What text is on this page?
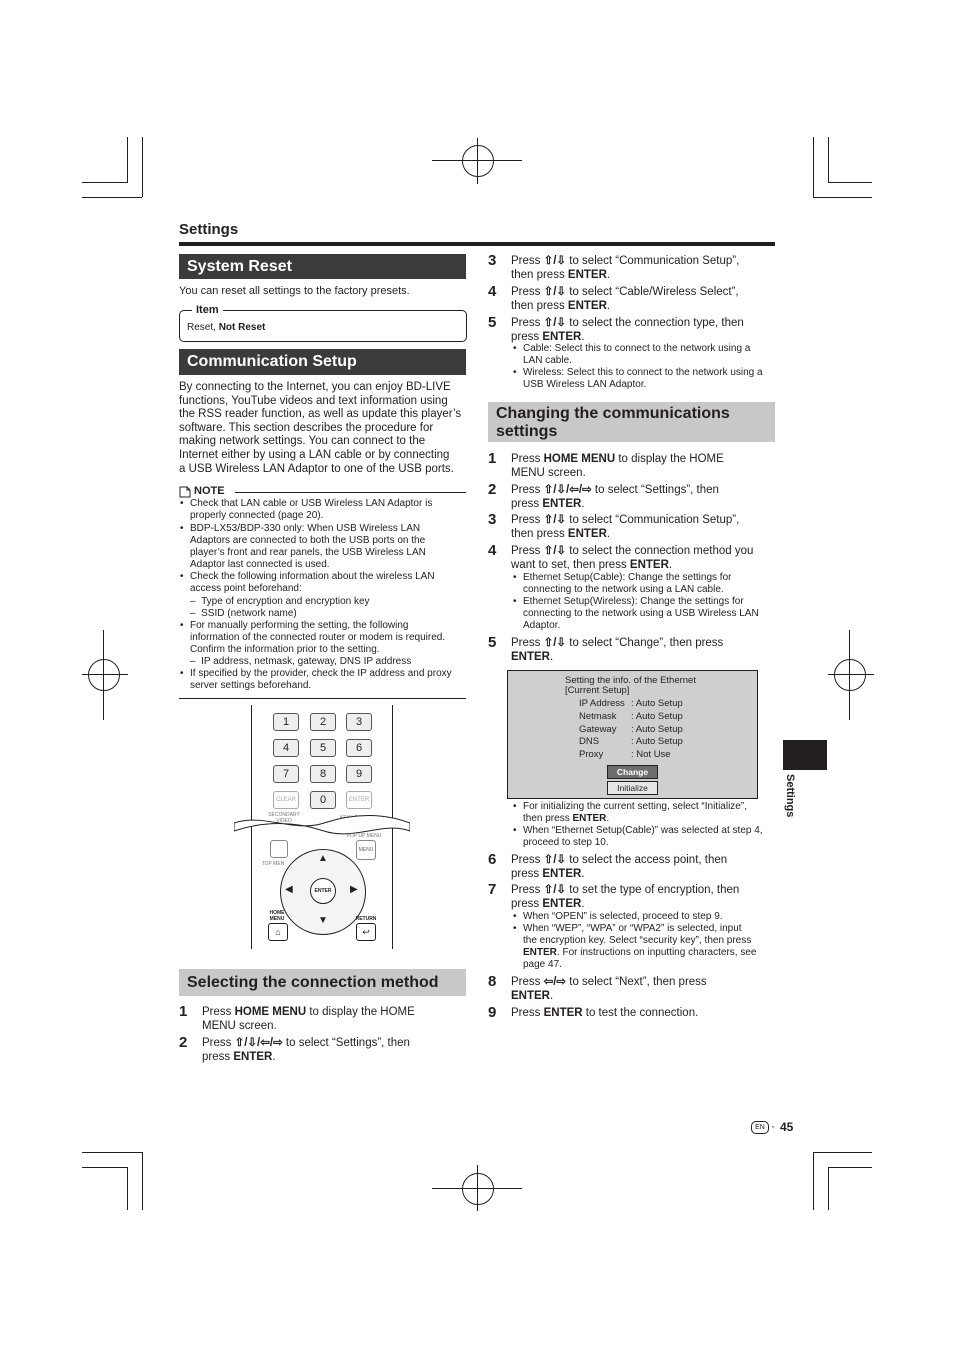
Settings
System Reset
You can reset all settings to the factory presets.
Item
Reset, Not Reset
Communication Setup
By connecting to the Internet, you can enjoy BD-LIVE
functions, YouTube videos and text information using
the RSS reader function, as well as update this player’s
software. This section describes the procedure for
making network settings. You can connect to the
Internet either by using a LAN cable or by connecting
a USB Wireless LAN Adaptor to one of the USB ports.
NOTE
• Check that LAN cable or USB Wireless LAN Adaptor is
properly connected (page 20).
• BDP-LX53/BDP-330 only: When USB Wireless LAN
Adaptors are connected to both the USB ports on the
player’s front and rear panels, the USB Wireless LAN
Adaptor last connected is used.
• Check the following information about the wireless LAN
access point beforehand:
–  Type of encryption and encryption key
–  SSID (network name)
• For manually performing the setting, the following
information of the connected router or modem is required.
Confirm the information prior to the setting.
–  IP address, netmask, gateway, DNS IP address
• If specified by the provider, check the IP address and proxy
server settings beforehand.
1	2	3
4	5	6
7	8	9
CLEAR	0	ENTER
SECONDARY VIDEO
POP UP MENU
MENU
TOP MEN
ENTER
▲
▼
◀	▶
HOME MENU
⌂
RETURN
↩
Selecting the connection method
1 Press HOME MENU to display the HOME
MENU screen.
2 Press ⇧/⇩/⇦/⇨ to select “Settings”, then
press ENTER.
3 Press ⇧/⇩ to select “Communication Setup”,
then press ENTER.
4 Press ⇧/⇩ to select “Cable/Wireless Select”,
then press ENTER.
5 Press ⇧/⇩ to select the connection type, then
press ENTER.
• Cable: Select this to connect to the network using a
LAN cable.
• Wireless: Select this to connect to the network using a
USB Wireless LAN Adaptor.
Changing the communications
settings
1 Press HOME MENU to display the HOME
MENU screen.
2 Press ⇧/⇩/⇦/⇨ to select “Settings”, then
press ENTER.
3 Press ⇧/⇩ to select “Communication Setup”,
then press ENTER.
4 Press ⇧/⇩ to select the connection method you
want to set, then press ENTER.
• Ethernet Setup(Cable): Change the settings for
connecting to the network using a LAN cable.
• Ethernet Setup(Wireless): Change the settings for
connecting to the network using a USB Wireless LAN
Adaptor.
5 Press ⇧/⇩ to select “Change”, then press
ENTER.
Setting the info. of the Ethernet
[Current Setup]
IP Address : Auto Setup
Netmask : Auto Setup
Gateway : Auto Setup
DNS	: Auto Setup
Proxy	: Not Use
Change
Initialize
• For initializing the current setting, select “Initialize”,
then press ENTER.
• When “Ethernet Setup(Cable)” was selected at step 4,
proceed to step 10.
6 Press ⇧/⇩ to select the access point, then
press ENTER.
7 Press ⇧/⇩ to set the type of encryption, then
press ENTER.
• When “OPEN” is selected, proceed to step 9.
• When “WEP”, “WPA” or “WPA2” is selected, input
the encryption key. Select “security key”, then press
ENTER. For instructions on inputting characters, see
page 47.
8 Press ⇦/⇨ to select “Next”, then press
ENTER.
9 Press ENTER to test the connection.
Settings
EN · 45
